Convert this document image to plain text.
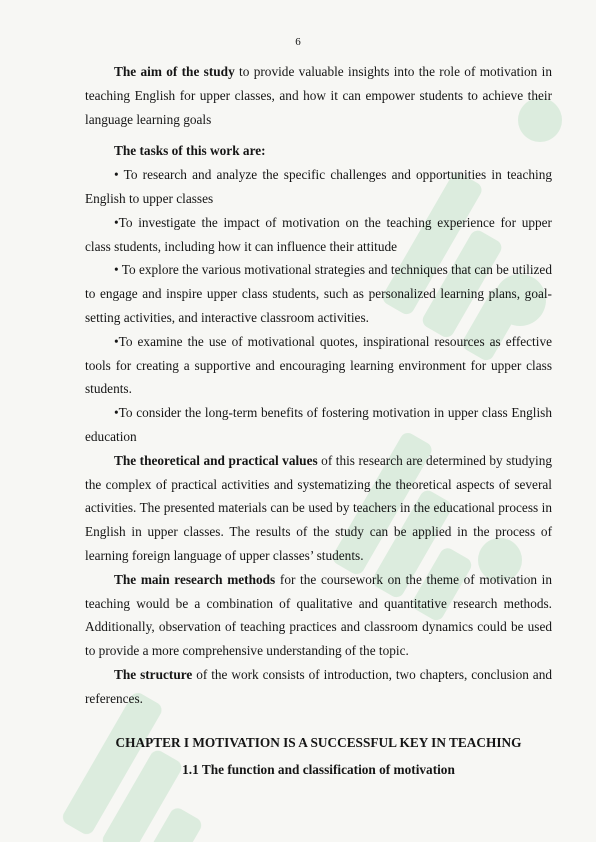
6

The aim of the study to provide valuable insights into the role of motivation in teaching English for upper classes, and how it can empower students to achieve their language learning goals

The tasks of this work are:

• To research and analyze the specific challenges and opportunities in teaching English to upper classes

•To investigate the impact of motivation on the teaching experience for upper class students, including how it can influence their attitude

• To explore the various motivational strategies and techniques that can be utilized to engage and inspire upper class students, such as personalized learning plans, goal-setting activities, and interactive classroom activities.

•To examine the use of motivational quotes, inspirational resources as effective tools for creating a supportive and encouraging learning environment for upper class students.

•To consider the long-term benefits of fostering motivation in upper class English education

The theoretical and practical values of this research are determined by studying the complex of practical activities and systematizing the theoretical aspects of several activities. The presented materials can be used by teachers in the educational process in English in upper classes. The results of the study can be applied in the process of learning foreign language of upper classes’ students.

The main research methods for the coursework on the theme of motivation in teaching would be a combination of qualitative and quantitative research methods. Additionally, observation of teaching practices and classroom dynamics could be used to provide a more comprehensive understanding of the topic.

The structure of the work consists of introduction, two chapters, conclusion and references.

CHAPTER I MOTIVATION IS A SUCCESSFUL KEY IN TEACHING

1.1 The function and classification of motivation
